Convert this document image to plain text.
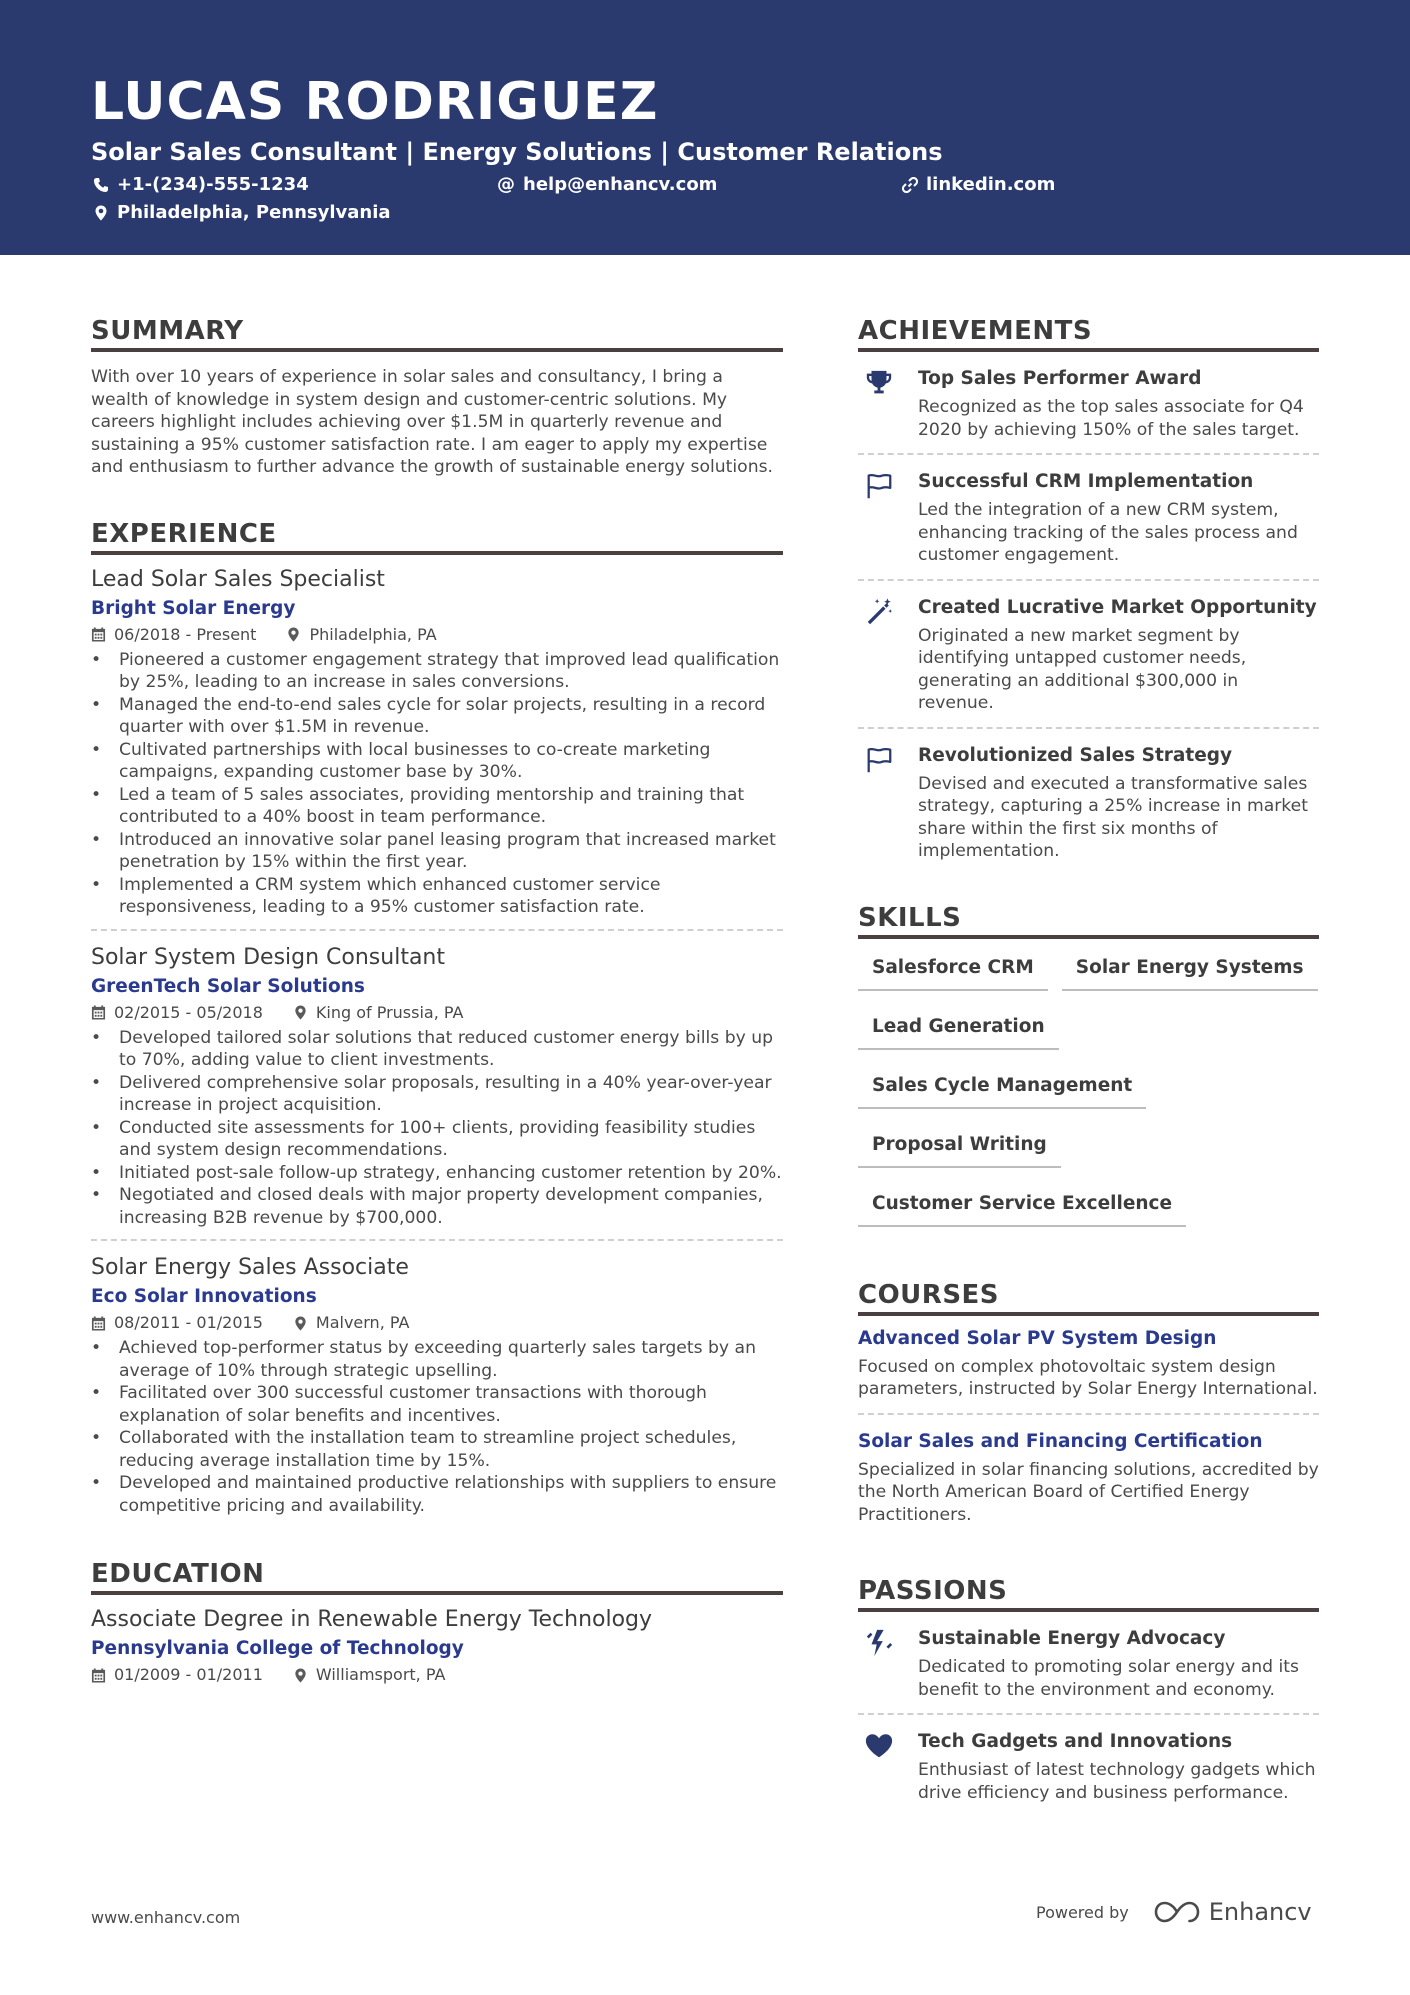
LUCAS RODRIGUEZ
Solar Sales Consultant | Energy Solutions | Customer Relations
+1-(234)-555-1234	@ help@enhancv.com	linkedin.com
Philadelphia, Pennsylvania
SUMMARY

With over 10 years of experience in solar sales and consultancy, I bring a wealth of knowledge in system design and customer-centric solutions. My careers highlight includes achieving over $1.5M in quarterly revenue and sustaining a 95% customer satisfaction rate. I am eager to apply my expertise and enthusiasm to further advance the growth of sustainable energy solutions.

EXPERIENCE
Lead Solar Sales Specialist
Bright Solar Energy
06/2018 - Present	Philadelphia, PA
• Pioneered a customer engagement strategy that improved lead qualification by 25%, leading to an increase in sales conversions.
• Managed the end-to-end sales cycle for solar projects, resulting in a record quarter with over $1.5M in revenue.
• Cultivated partnerships with local businesses to co-create marketing campaigns, expanding customer base by 30%.
• Led a team of 5 sales associates, providing mentorship and training that contributed to a 40% boost in team performance.
• Introduced an innovative solar panel leasing program that increased market penetration by 15% within the first year.
• Implemented a CRM system which enhanced customer service responsiveness, leading to a 95% customer satisfaction rate.
Solar System Design Consultant
GreenTech Solar Solutions
02/2015 - 05/2018	King of Prussia, PA
• Developed tailored solar solutions that reduced customer energy bills by up to 70%, adding value to client investments.
• Delivered comprehensive solar proposals, resulting in a 40% year-over-year increase in project acquisition.
• Conducted site assessments for 100+ clients, providing feasibility studies and system design recommendations.
• Initiated post-sale follow-up strategy, enhancing customer retention by 20%.
• Negotiated and closed deals with major property development companies, increasing B2B revenue by $700,000.
Solar Energy Sales Associate
Eco Solar Innovations
08/2011 - 01/2015	Malvern, PA
• Achieved top-performer status by exceeding quarterly sales targets by an average of 10% through strategic upselling.
• Facilitated over 300 successful customer transactions with thorough explanation of solar benefits and incentives.
• Collaborated with the installation team to streamline project schedules, reducing average installation time by 15%.
• Developed and maintained productive relationships with suppliers to ensure competitive pricing and availability.
EDUCATION
Associate Degree in Renewable Energy Technology
Pennsylvania College of Technology
01/2009 - 01/2011	Williamsport, PA
ACHIEVEMENTS
Top Sales Performer Award
Recognized as the top sales associate for Q4 2020 by achieving 150% of the sales target.
Successful CRM Implementation
Led the integration of a new CRM system, enhancing tracking of the sales process and customer engagement.
Created Lucrative Market Opportunity
Originated a new market segment by identifying untapped customer needs, generating an additional $300,000 in revenue.
Revolutionized Sales Strategy
Devised and executed a transformative sales strategy, capturing a 25% increase in market share within the first six months of implementation.
SKILLS
Salesforce CRM	Solar Energy Systems
Lead Generation
Sales Cycle Management
Proposal Writing
Customer Service Excellence
COURSES
Advanced Solar PV System Design
Focused on complex photovoltaic system design parameters, instructed by Solar Energy International.
Solar Sales and Financing Certification
Specialized in solar financing solutions, accredited by the North American Board of Certified Energy Practitioners.
PASSIONS
Sustainable Energy Advocacy
Dedicated to promoting solar energy and its benefit to the environment and economy.
Tech Gadgets and Innovations
Enthusiast of latest technology gadgets which drive efficiency and business performance.
www.enhancv.com	Powered by	Enhancv
